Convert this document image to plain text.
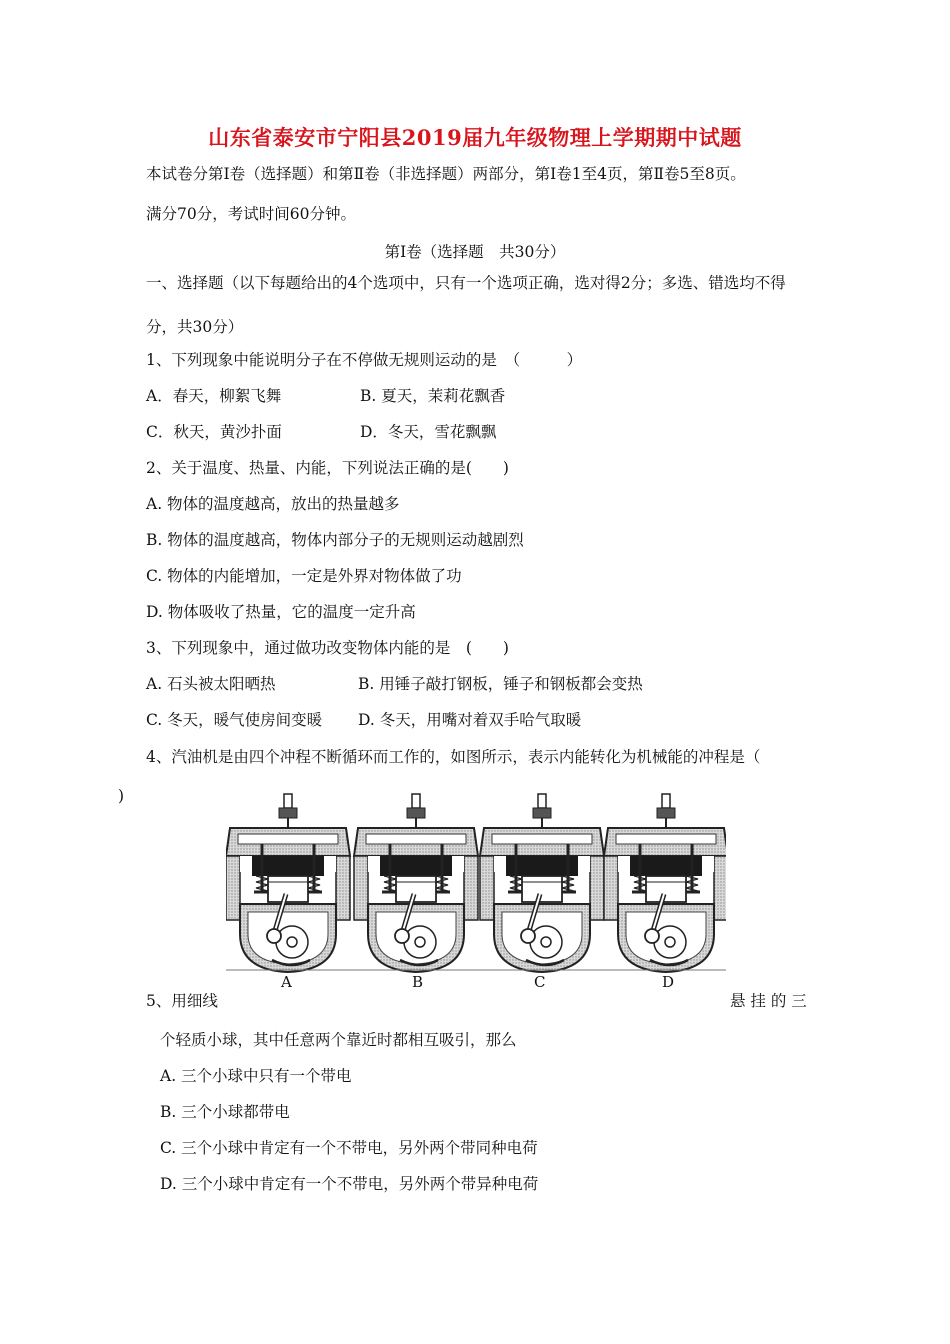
山东省泰安市宁阳县2019届九年级物理上学期期中试题
本试卷分第Ⅰ卷（选择题）和第Ⅱ卷（非选择题）两部分，第Ⅰ卷1至4页，第Ⅱ卷5至8页。
满分70分，考试时间60分钟。
第Ⅰ卷（选择题　共30分）
一、选择题（以下每题给出的4个选项中，只有一个选项正确，选对得2分；多选、错选均不得
分，共30分）
1、下列现象中能说明分子在不停做无规则运动的是　（　　　）
A．春天，柳絮飞舞	B. 夏天，茉莉花飘香
C．秋天，黄沙扑面	D．冬天，雪花飘飘
2、关于温度、热量、内能，下列说法正确的是(　　)
A. 物体的温度越高，放出的热量越多
B. 物体的温度越高，物体内部分子的无规则运动越剧烈
C. 物体的内能增加，一定是外界对物体做了功
D. 物体吸收了热量，它的温度一定升高
3、下列现象中，通过做功改变物体内能的是　(　　)
A. 石头被太阳晒热	B. 用锤子敲打钢板，锤子和钢板都会变热
C. 冬天，暖气使房间变暖 D. 冬天，用嘴对着双手哈气取暖
4、汽油机是由四个冲程不断循环而工作的，如图所示，表示内能转化为机械能的冲程是（
)
A	B	C	D
5、用细线	悬 挂 的 三
个轻质小球，其中任意两个靠近时都相互吸引，那么
A. 三个小球中只有一个带电
B. 三个小球都带电
C. 三个小球中肯定有一个不带电，另外两个带同种电荷
D. 三个小球中肯定有一个不带电，另外两个带异种电荷
